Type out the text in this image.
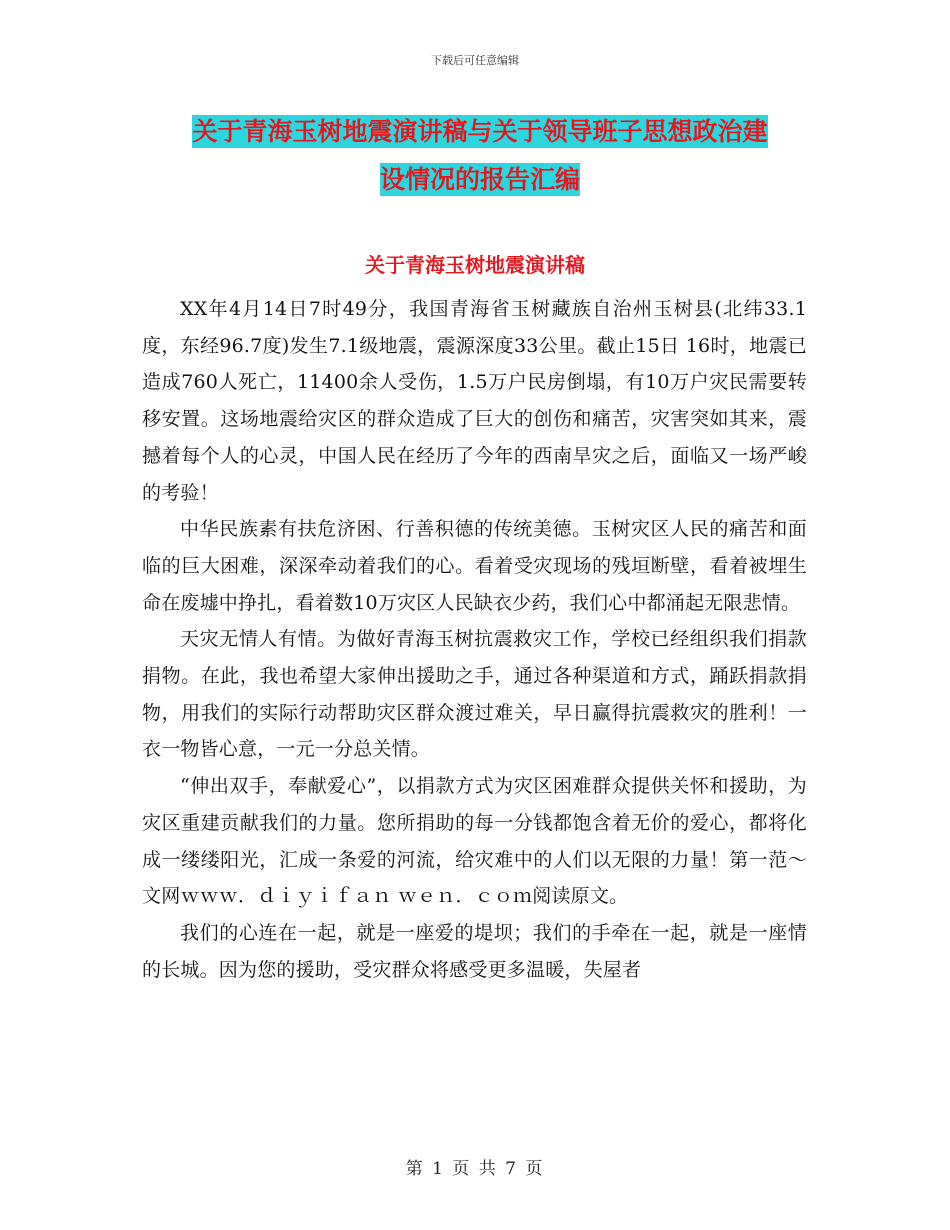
下载后可任意编辑
关于青海玉树地震演讲稿与关于领导班子思想政治建
设情况的报告汇编
关于青海玉树地震演讲稿

XX年4月14日7时49分，我国青海省玉树藏族自治州玉树县(北纬33.1度，东经96.7度)发生7.1级地震，震源深度33公里。截止15日 16时，地震已造成760人死亡，11400余人受伤，1.5万户民房倒塌，有10万户灾民需要转移安置。这场地震给灾区的群众造成了巨大的创伤和痛苦，灾害突如其来，震撼着每个人的心灵，中国人民在经历了今年的西南旱灾之后，面临又一场严峻的考验！

中华民族素有扶危济困、行善积德的传统美德。玉树灾区人民的痛苦和面临的巨大困难，深深牵动着我们的心。看着受灾现场的残垣断壁，看着被埋生命在废墟中挣扎，看着数10万灾区人民缺衣少药，我们心中都涌起无限悲情。

天灾无情人有情。为做好青海玉树抗震救灾工作，学校已经组织我们捐款捐物。在此，我也希望大家伸出援助之手，通过各种渠道和方式，踊跃捐款捐物，用我们的实际行动帮助灾区群众渡过难关，早日赢得抗震救灾的胜利！一衣一物皆心意，一元一分总关情。

“伸出双手，奉献爱心”，以捐款方式为灾区困难群众提供关怀和援助，为灾区重建贡献我们的力量。您所捐助的每一分钱都饱含着无价的爱心，都将化成一缕缕阳光，汇成一条爱的河流，给灾难中的人们以无限的力量！第一范～文网ｗｗｗ．ｄｉｙｉｆａｎ ｗｅｎ．ｃｏｍ阅读原文。

我们的心连在一起，就是一座爱的堤坝；我们的手牵在一起，就是一座情的长城。因为您的援助，受灾群众将感受更多温暖，失屋者

第 1 页 共 7 页
